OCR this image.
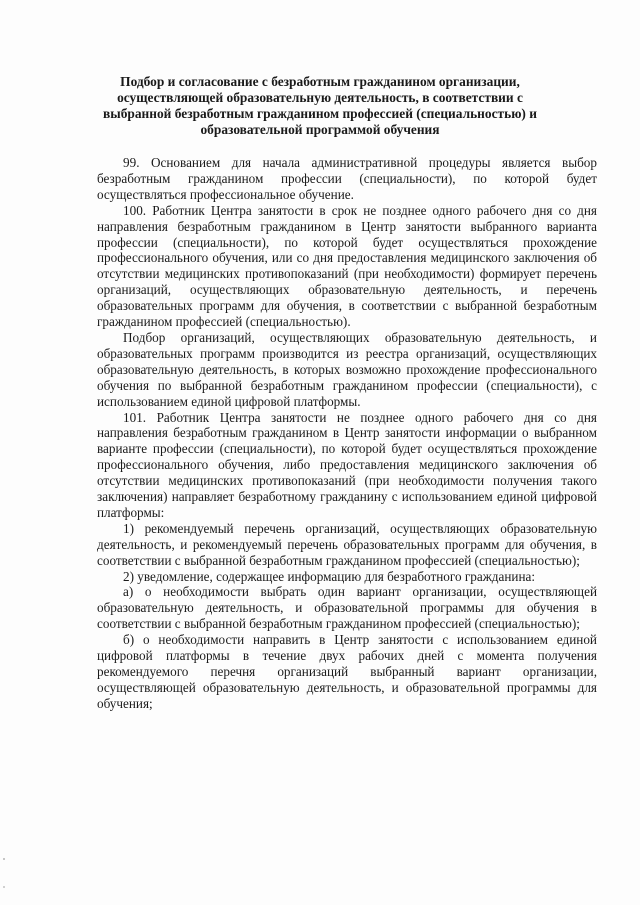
Подбор и согласование с безработным гражданином организации,
осуществляющей образовательную деятельность, в соответствии с
выбранной безработным гражданином профессией (специальностью) и
образовательной программой обучения

99. Основанием для начала административной процедуры является выбор безработным гражданином профессии (специальности), по которой будет осуществляться профессиональное обучение.

100. Работник Центра занятости в срок не позднее одного рабочего дня со дня направления безработным гражданином в Центр занятости выбранного варианта профессии (специальности), по которой будет осуществляться прохождение профессионального обучения, или со дня предоставления медицинского заключения об отсутствии медицинских противопоказаний (при необходимости) формирует перечень организаций, осуществляющих образовательную деятельность, и перечень образовательных программ для обучения, в соответствии с выбранной безработным гражданином профессией (специальностью).

Подбор организаций, осуществляющих образовательную деятельность, и образовательных программ производится из реестра организаций, осуществляющих образовательную деятельность, в которых возможно прохождение профессионального обучения по выбранной безработным гражданином профессии (специальности), с использованием единой цифровой платформы.

101. Работник Центра занятости не позднее одного рабочего дня со дня направления безработным гражданином в Центр занятости информации о выбранном варианте профессии (специальности), по которой будет осуществляться прохождение профессионального обучения, либо предоставления медицинского заключения об отсутствии медицинских противопоказаний (при необходимости получения такого заключения) направляет безработному гражданину с использованием единой цифровой платформы:

1) рекомендуемый перечень организаций, осуществляющих образовательную деятельность, и рекомендуемый перечень образовательных программ для обучения, в соответствии с выбранной безработным гражданином профессией (специальностью);

2) уведомление, содержащее информацию для безработного гражданина:

а) о необходимости выбрать один вариант организации, осуществляющей образовательную деятельность, и образовательной программы для обучения в соответствии с выбранной безработным гражданином профессией (специальностью);

б) о необходимости направить в Центр занятости с использованием единой цифровой платформы в течение двух рабочих дней с момента получения рекомендуемого перечня организаций выбранный вариант организации, осуществляющей образовательную деятельность, и образовательной программы для обучения;
